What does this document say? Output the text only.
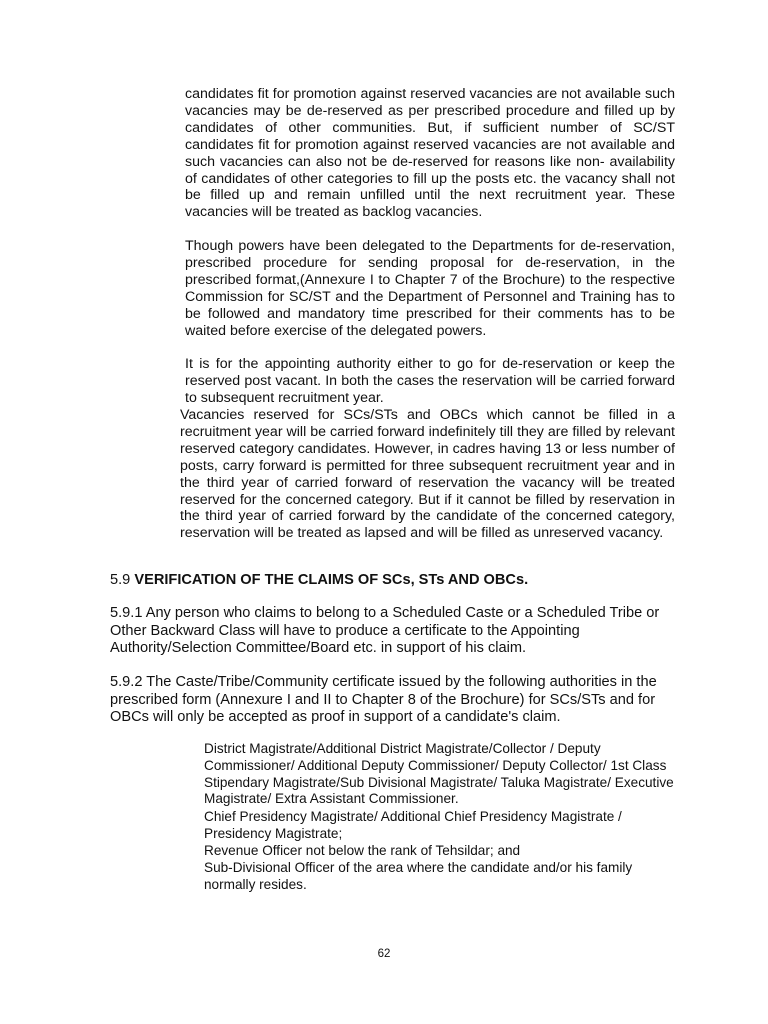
candidates fit for promotion against reserved vacancies are not available such vacancies may be de-reserved as per prescribed procedure and filled up by candidates of other communities. But, if sufficient number of SC/ST candidates fit for promotion against reserved vacancies are not available and such vacancies can also not be de-reserved for reasons like non- availability of candidates of other categories to fill up the posts etc. the vacancy shall not be filled up and remain unfilled until the next recruitment year. These vacancies will be treated as backlog vacancies.

Though powers have been delegated to the Departments for de-reservation, prescribed procedure for sending proposal for de-reservation, in the prescribed format,(Annexure I to Chapter 7 of the Brochure) to the respective Commission for SC/ST and the Department of Personnel and Training has to be followed and mandatory time prescribed for their comments has to be waited before exercise of the delegated powers.

It is for the appointing authority either to go for de-reservation or keep the reserved post vacant. In both the cases the reservation will be carried forward to subsequent recruitment year.

Vacancies reserved for SCs/STs and OBCs which cannot be filled in a recruitment year will be carried forward indefinitely till they are filled by relevant reserved category candidates. However, in cadres having 13 or less number of posts, carry forward is permitted for three subsequent recruitment year and in the third year of carried forward of reservation the vacancy will be treated reserved for the concerned category. But if it cannot be filled by reservation in the third year of carried forward by the candidate of the concerned category, reservation will be treated as lapsed and will be filled as unreserved vacancy.

5.9 VERIFICATION OF THE CLAIMS OF SCs, STs AND OBCs.

5.9.1 Any person who claims to belong to a Scheduled Caste or a Scheduled Tribe or Other Backward Class will have to produce a certificate to the Appointing Authority/Selection Committee/Board etc. in support of his claim.

5.9.2 The Caste/Tribe/Community certificate issued by the following authorities in the prescribed form (Annexure I and II to Chapter 8 of the Brochure) for SCs/STs and for OBCs will only be accepted as proof in support of a candidate's claim.

District Magistrate/Additional District Magistrate/Collector / Deputy Commissioner/ Additional Deputy Commissioner/ Deputy Collector/ 1st Class Stipendary Magistrate/Sub Divisional Magistrate/ Taluka Magistrate/ Executive Magistrate/ Extra Assistant Commissioner.
Chief Presidency Magistrate/ Additional Chief Presidency Magistrate / Presidency Magistrate;
Revenue Officer not below the rank of Tehsildar; and
Sub-Divisional Officer of the area where the candidate and/or his family normally resides.
62
